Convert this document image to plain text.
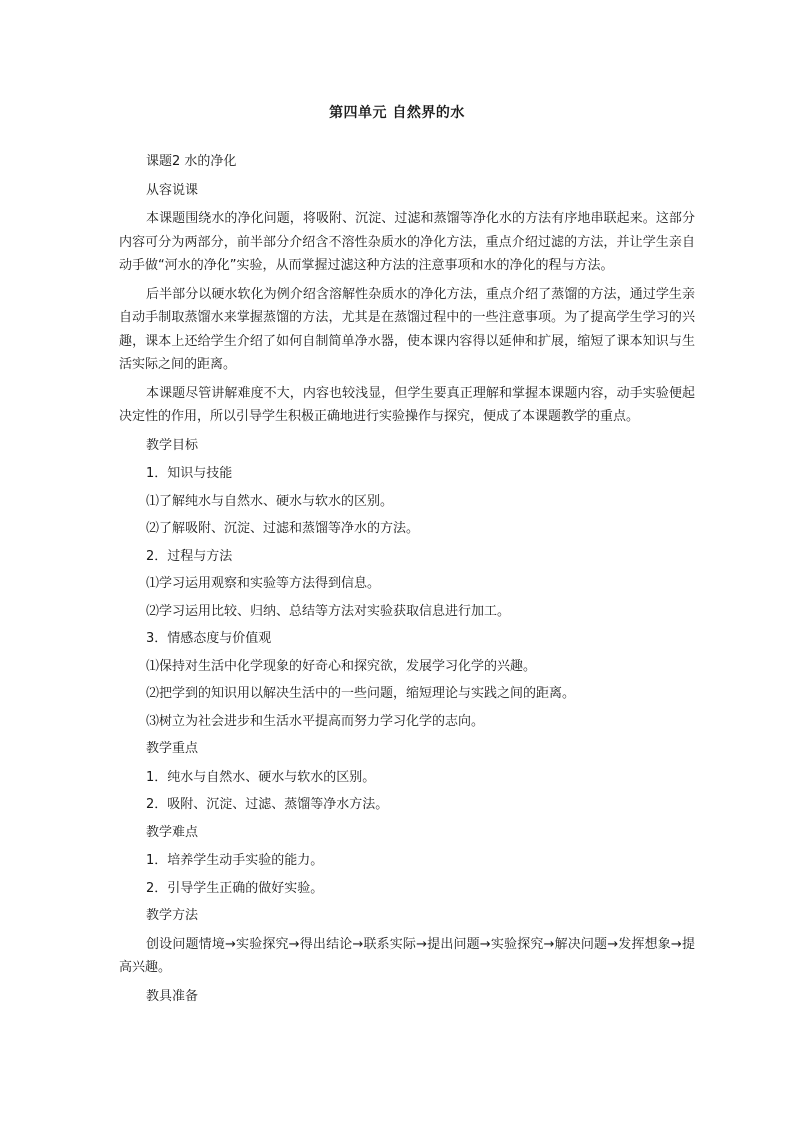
第四单元 自然界的水

课题2 水的净化

从容说课

本课题围绕水的净化问题，将吸附、沉淀、过滤和蒸馏等净化水的方法有序地串联起来。这部分内容可分为两部分，前半部分介绍含不溶性杂质水的净化方法，重点介绍过滤的方法，并让学生亲自动手做“河水的净化”实验，从而掌握过滤这种方法的注意事项和水的净化的程与方法。

后半部分以硬水软化为例介绍含溶解性杂质水的净化方法，重点介绍了蒸馏的方法，通过学生亲自动手制取蒸馏水来掌握蒸馏的方法，尤其是在蒸馏过程中的一些注意事项。为了提高学生学习的兴趣，课本上还给学生介绍了如何自制简单净水器，使本课内容得以延伸和扩展，缩短了课本知识与生活实际之间的距离。

本课题尽管讲解难度不大，内容也较浅显，但学生要真正理解和掌握本课题内容，动手实验便起决定性的作用，所以引导学生积极正确地进行实验操作与探究，便成了本课题教学的重点。

教学目标

1．知识与技能

⑴了解纯水与自然水、硬水与软水的区别。

⑵了解吸附、沉淀、过滤和蒸馏等净水的方法。

2．过程与方法

⑴学习运用观察和实验等方法得到信息。

⑵学习运用比较、归纳、总结等方法对实验获取信息进行加工。

3．情感态度与价值观

⑴保持对生活中化学现象的好奇心和探究欲，发展学习化学的兴趣。

⑵把学到的知识用以解决生活中的一些问题，缩短理论与实践之间的距离。

⑶树立为社会进步和生活水平提高而努力学习化学的志向。

教学重点

1．纯水与自然水、硬水与软水的区别。

2．吸附、沉淀、过滤、蒸馏等净水方法。

教学难点

1．培养学生动手实验的能力。

2．引导学生正确的做好实验。

教学方法

创设问题情境→实验探究→得出结论→联系实际→提出问题→实验探究→解决问题→发挥想象→提高兴趣。

教具准备
